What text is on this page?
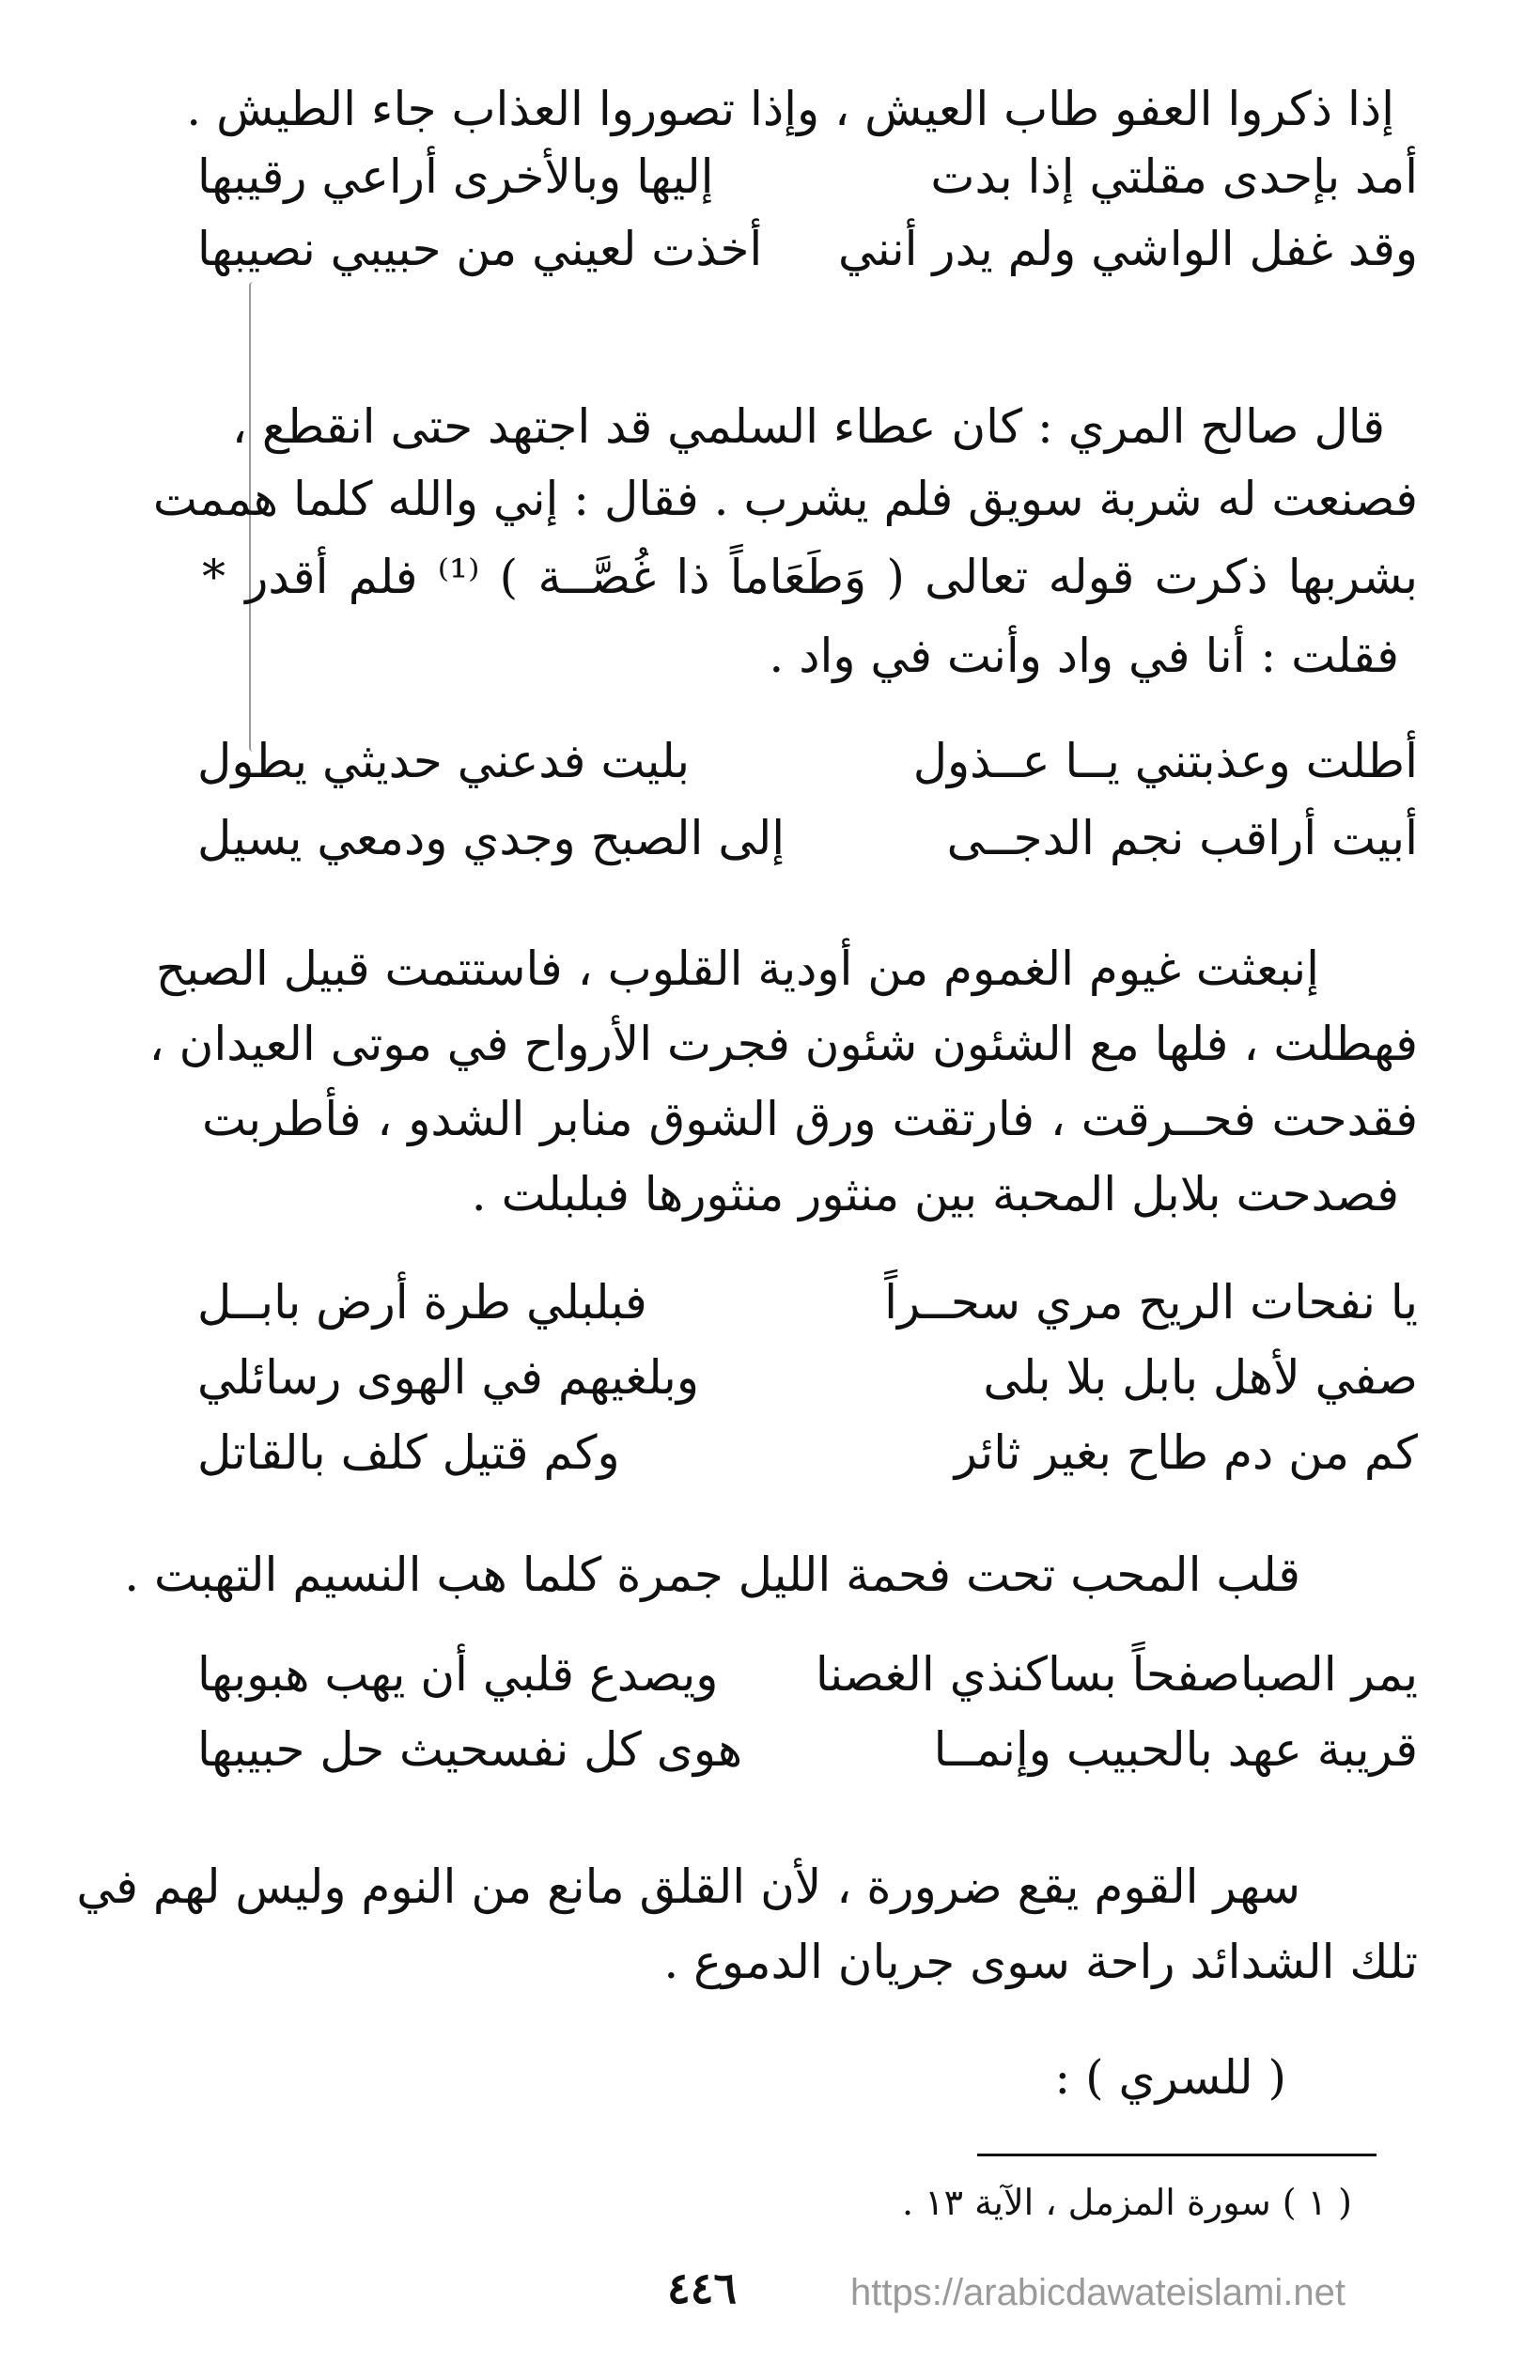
إذا ذكروا العفو طاب العيش ، وإذا تصوروا العذاب جاء الطيش .
أمد بإحدى مقلتي إذا بدت
إليها وبالأخرى أراعي رقيبها
وقد غفل الواشي ولم يدر أنني
أخذت لعيني من حبيبي نصيبها
قال صالح المري : كان عطاء السلمي قد اجتهد حتى انقطع ،
فصنعت له شربة سويق فلم يشرب . فقال : إني والله كلما هممت
بشربها ذكرت قوله تعالى ( وَطَعَاماً ذا غُصَّــة ) ⁽¹⁾ فلم أقدر *
فقلت : أنا في واد وأنت في واد .
أطلت وعذبتني يــا عــذول
بليت فدعني حديثي يطول
أبيت أراقب نجم الدجــى
إلى الصبح وجدي ودمعي يسيل
إنبعثت غيوم الغموم من أودية القلوب ، فاستتمت قبيل الصبح
فهطلت ، فلها مع الشئون شئون فجرت الأرواح في موتى العيدان ،
فقدحت فحــرقت ، فارتقت ورق الشوق منابر الشدو ، فأطربت
فصدحت بلابل المحبة بين منثور منثورها فبلبلت .
يا نفحات الريح مري سحــراً
فبلبلي طرة أرض بابــل
صفي لأهل بابل بلا بلى
وبلغيهم في الهوى رسائلي
كم من دم طاح بغير ثائر
وكم قتيل كلف بالقاتل
قلب المحب تحت فحمة الليل جمرة كلما هب النسيم التهبت .
يمر الصباصفحاً بساكنذي الغصنا
ويصدع قلبي أن يهب هبوبها
قريبة عهد بالحبيب وإنمــا
هوى كل نفسحيث حل حبيبها
سهر القوم يقع ضرورة ، لأن القلق مانع من النوم وليس لهم في
تلك الشدائد راحة سوى جريان الدموع .
( للسري ) :
( ١ ) سورة المزمل ، الآية ١٣ .
٤٤٦	https://arabicdawateislami.net
